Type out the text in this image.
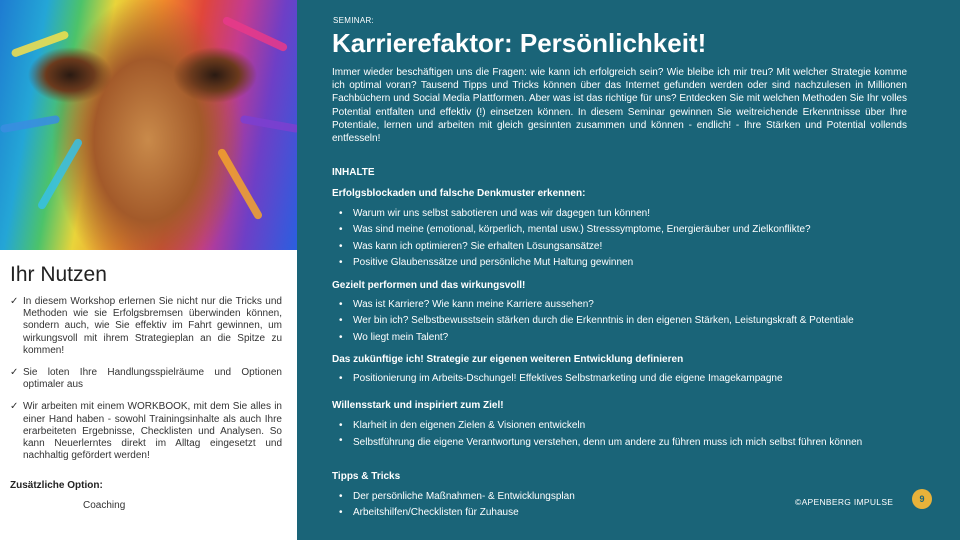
SEMINAR:
Karrierefaktor: Persönlichkeit!
Immer wieder beschäftigen uns die Fragen: wie kann ich erfolgreich sein? Wie bleibe ich mir treu? Mit welcher Strategie komme ich optimal voran? Tausend Tipps und Tricks können über das Internet gefunden werden oder sind nachzulesen in Millionen Fachbüchern und Social Media Plattformen. Aber was ist das richtige für uns? Entdecken Sie mit welchen Methoden Sie Ihr volles Potential entfalten und effektiv (!) einsetzen können. In diesem Seminar gewinnen Sie weitreichende Erkenntnisse über Ihre Potentiale, lernen und arbeiten mit gleich gesinnten zusammen und können - endlich! - Ihre Stärken und Potential vollends entfesseln!
INHALTE
Erfolgsblockaden und falsche Denkmuster erkennen:
• Warum wir uns selbst sabotieren und was wir dagegen tun können!
• Was sind meine (emotional, körperlich, mental usw.) Stresssymptome, Energieräuber und Zielkonflikte?
• Was kann ich optimieren? Sie erhalten Lösungsansätze!
• Positive Glaubenssätze und persönliche Mut Haltung gewinnen
Gezielt performen und das wirkungsvoll!
• Was ist Karriere? Wie kann meine Karriere aussehen?
• Wer bin ich? Selbstbewusstsein stärken durch die Erkenntnis in den eigenen Stärken, Leistungskraft & Potentiale
• Wo liegt mein Talent?
Das zukünftige ich! Strategie zur eigenen weiteren Entwicklung definieren
• Positionierung im Arbeits-Dschungel! Effektives Selbstmarketing und die eigene Imagekampagne
Willensstark und inspiriert zum Ziel!
• Klarheit in den eigenen Zielen & Visionen entwickeln
• Selbstführung die eigene Verantwortung verstehen, denn um andere zu führen muss ich mich selbst führen können
Tipps & Tricks
• Der persönliche Maßnahmen- & Entwicklungsplan
• Arbeitshilfen/Checklisten für Zuhause
©APENBERG IMPULSE	9
Ihr Nutzen
✓ In diesem Workshop erlernen Sie nicht nur die Tricks und Methoden wie sie Erfolgsbremsen überwinden können, sondern auch, wie Sie effektiv im Fahrt gewinnen, um wirkungsvoll mit ihrem Strategieplan an die Spitze zu kommen!
✓ Sie loten Ihre Handlungsspielräume und Optionen optimaler aus
✓ Wir arbeiten mit einem WORKBOOK, mit dem Sie alles in einer Hand haben - sowohl Trainingsinhalte als auch Ihre erarbeiteten Ergebnisse, Checklisten und Analysen. So kann Neuerlerntes direkt im Alltag eingesetzt und nachhaltig gefördert werden!
Zusätzliche Option:
Coaching
